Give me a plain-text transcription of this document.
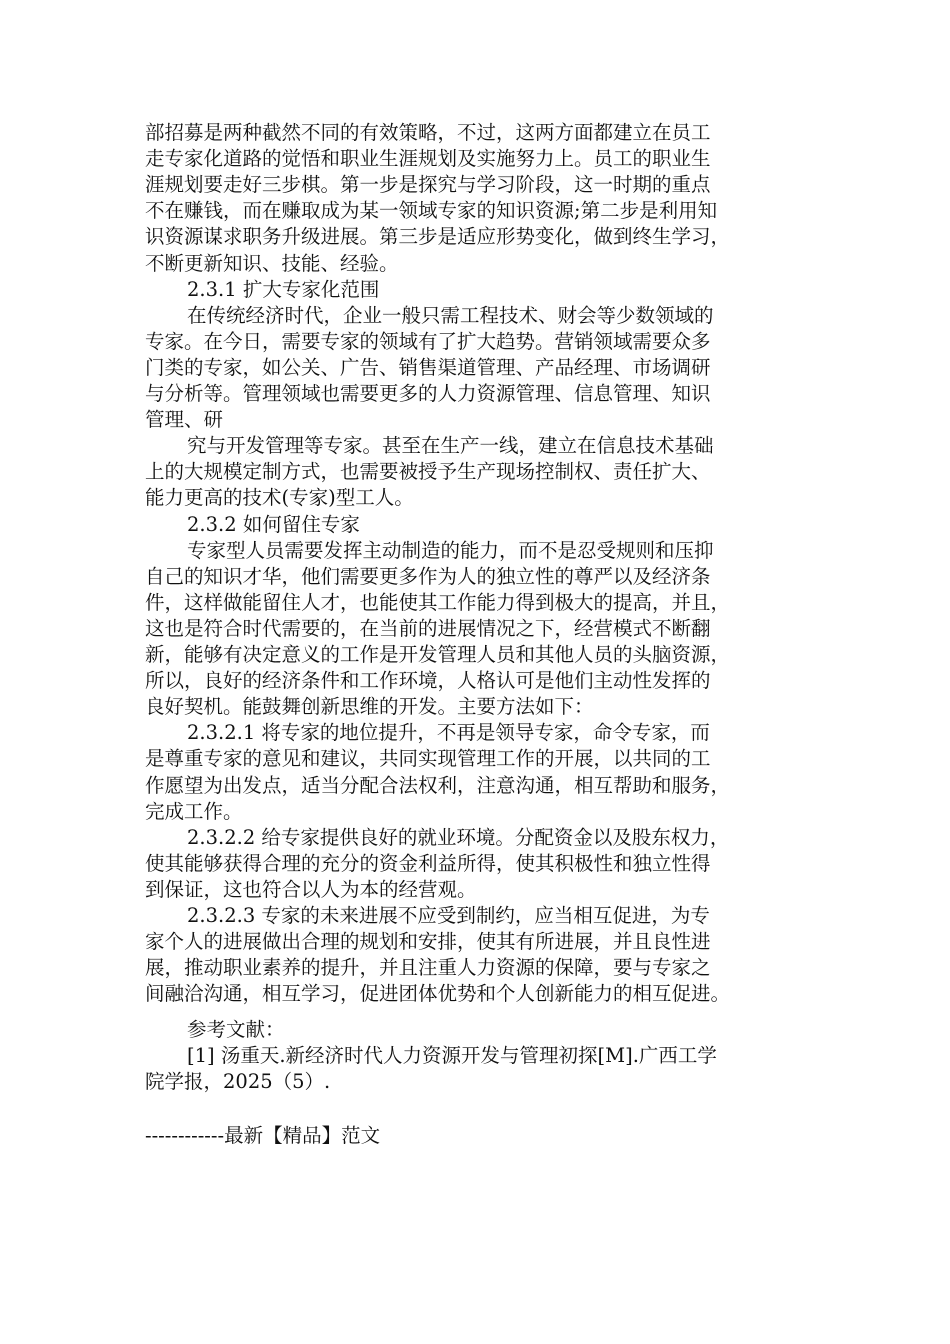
部招募是两种截然不同的有效策略，不过，这两方面都建立在员工
走专家化道路的觉悟和职业生涯规划及实施努力上。员工的职业生
涯规划要走好三步棋。第一步是探究与学习阶段，这一时期的重点
不在赚钱，而在赚取成为某一领域专家的知识资源;第二步是利用知
识资源谋求职务升级进展。第三步是适应形势变化，做到终生学习，
不断更新知识、技能、经验。
2.3.1 扩大专家化范围
在传统经济时代，企业一般只需工程技术、财会等少数领域的
专家。在今日，需要专家的领域有了扩大趋势。营销领域需要众多
门类的专家，如公关、广告、销售渠道管理、产品经理、市场调研
与分析等。管理领域也需要更多的人力资源管理、信息管理、知识
管理、研
究与开发管理等专家。甚至在生产一线，建立在信息技术基础
上的大规模定制方式，也需要被授予生产现场控制权、责任扩大、
能力更高的技术(专家)型工人。
2.3.2 如何留住专家
专家型人员需要发挥主动制造的能力，而不是忍受规则和压抑
自己的知识才华，他们需要更多作为人的独立性的尊严以及经济条
件，这样做能留住人才，也能使其工作能力得到极大的提高，并且，
这也是符合时代需要的，在当前的进展情况之下，经营模式不断翻
新，能够有决定意义的工作是开发管理人员和其他人员的头脑资源，
所以，良好的经济条件和工作环境，人格认可是他们主动性发挥的
良好契机。能鼓舞创新思维的开发。主要方法如下：
2.3.2.1 将专家的地位提升，不再是领导专家，命令专家，而
是尊重专家的意见和建议，共同实现管理工作的开展，以共同的工
作愿望为出发点，适当分配合法权利，注意沟通，相互帮助和服务，
完成工作。
2.3.2.2 给专家提供良好的就业环境。分配资金以及股东权力，
使其能够获得合理的充分的资金利益所得，使其积极性和独立性得
到保证，这也符合以人为本的经营观。
2.3.2.3 专家的未来进展不应受到制约，应当相互促进，为专
家个人的进展做出合理的规划和安排，使其有所进展，并且良性进
展，推动职业素养的提升，并且注重人力资源的保障，要与专家之
间融洽沟通，相互学习，促进团体优势和个人创新能力的相互促进。
参考文献：
[1] 汤重天.新经济时代人力资源开发与管理初探[M].广西工学
院学报，2025（5）.
------------最新【精品】范文
